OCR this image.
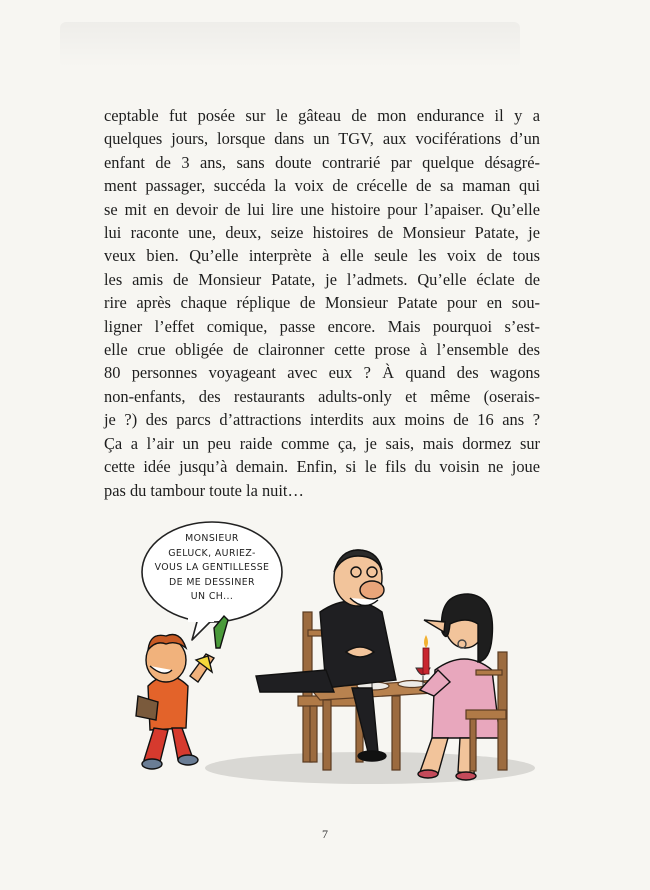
ceptable fut posée sur le gâteau de mon endurance il y a
quelques jours, lorsque dans un TGV, aux vociférations d’un
enfant de 3 ans, sans doute contrarié par quelque désagré-
ment passager, succéda la voix de crécelle de sa maman qui
se mit en devoir de lui lire une histoire pour l’apaiser. Qu’elle
lui raconte une, deux, seize histoires de Monsieur Patate, je
veux bien. Qu’elle interprète à elle seule les voix de tous
les amis de Monsieur Patate, je l’admets. Qu’elle éclate de
rire après chaque réplique de Monsieur Patate pour en sou-
ligner l’effet comique, passe encore. Mais pourquoi s’est-
elle crue obligée de claironner cette prose à l’ensemble des
80 personnes voyageant avec eux ? À quand des wagons
non-enfants, des restaurants adults-only et même (oserais-
je ?) des parcs d’attractions interdits aux moins de 16 ans ?
Ça a l’air un peu raide comme ça, je sais, mais dormez sur
cette idée jusqu’à demain. Enfin, si le fils du voisin ne joue
pas du tambour toute la nuit…

MONSIEUR
GELUCK, AURIEZ-
VOUS LA GENTILLESSE
DE ME DESSINER
UN CH...
7
